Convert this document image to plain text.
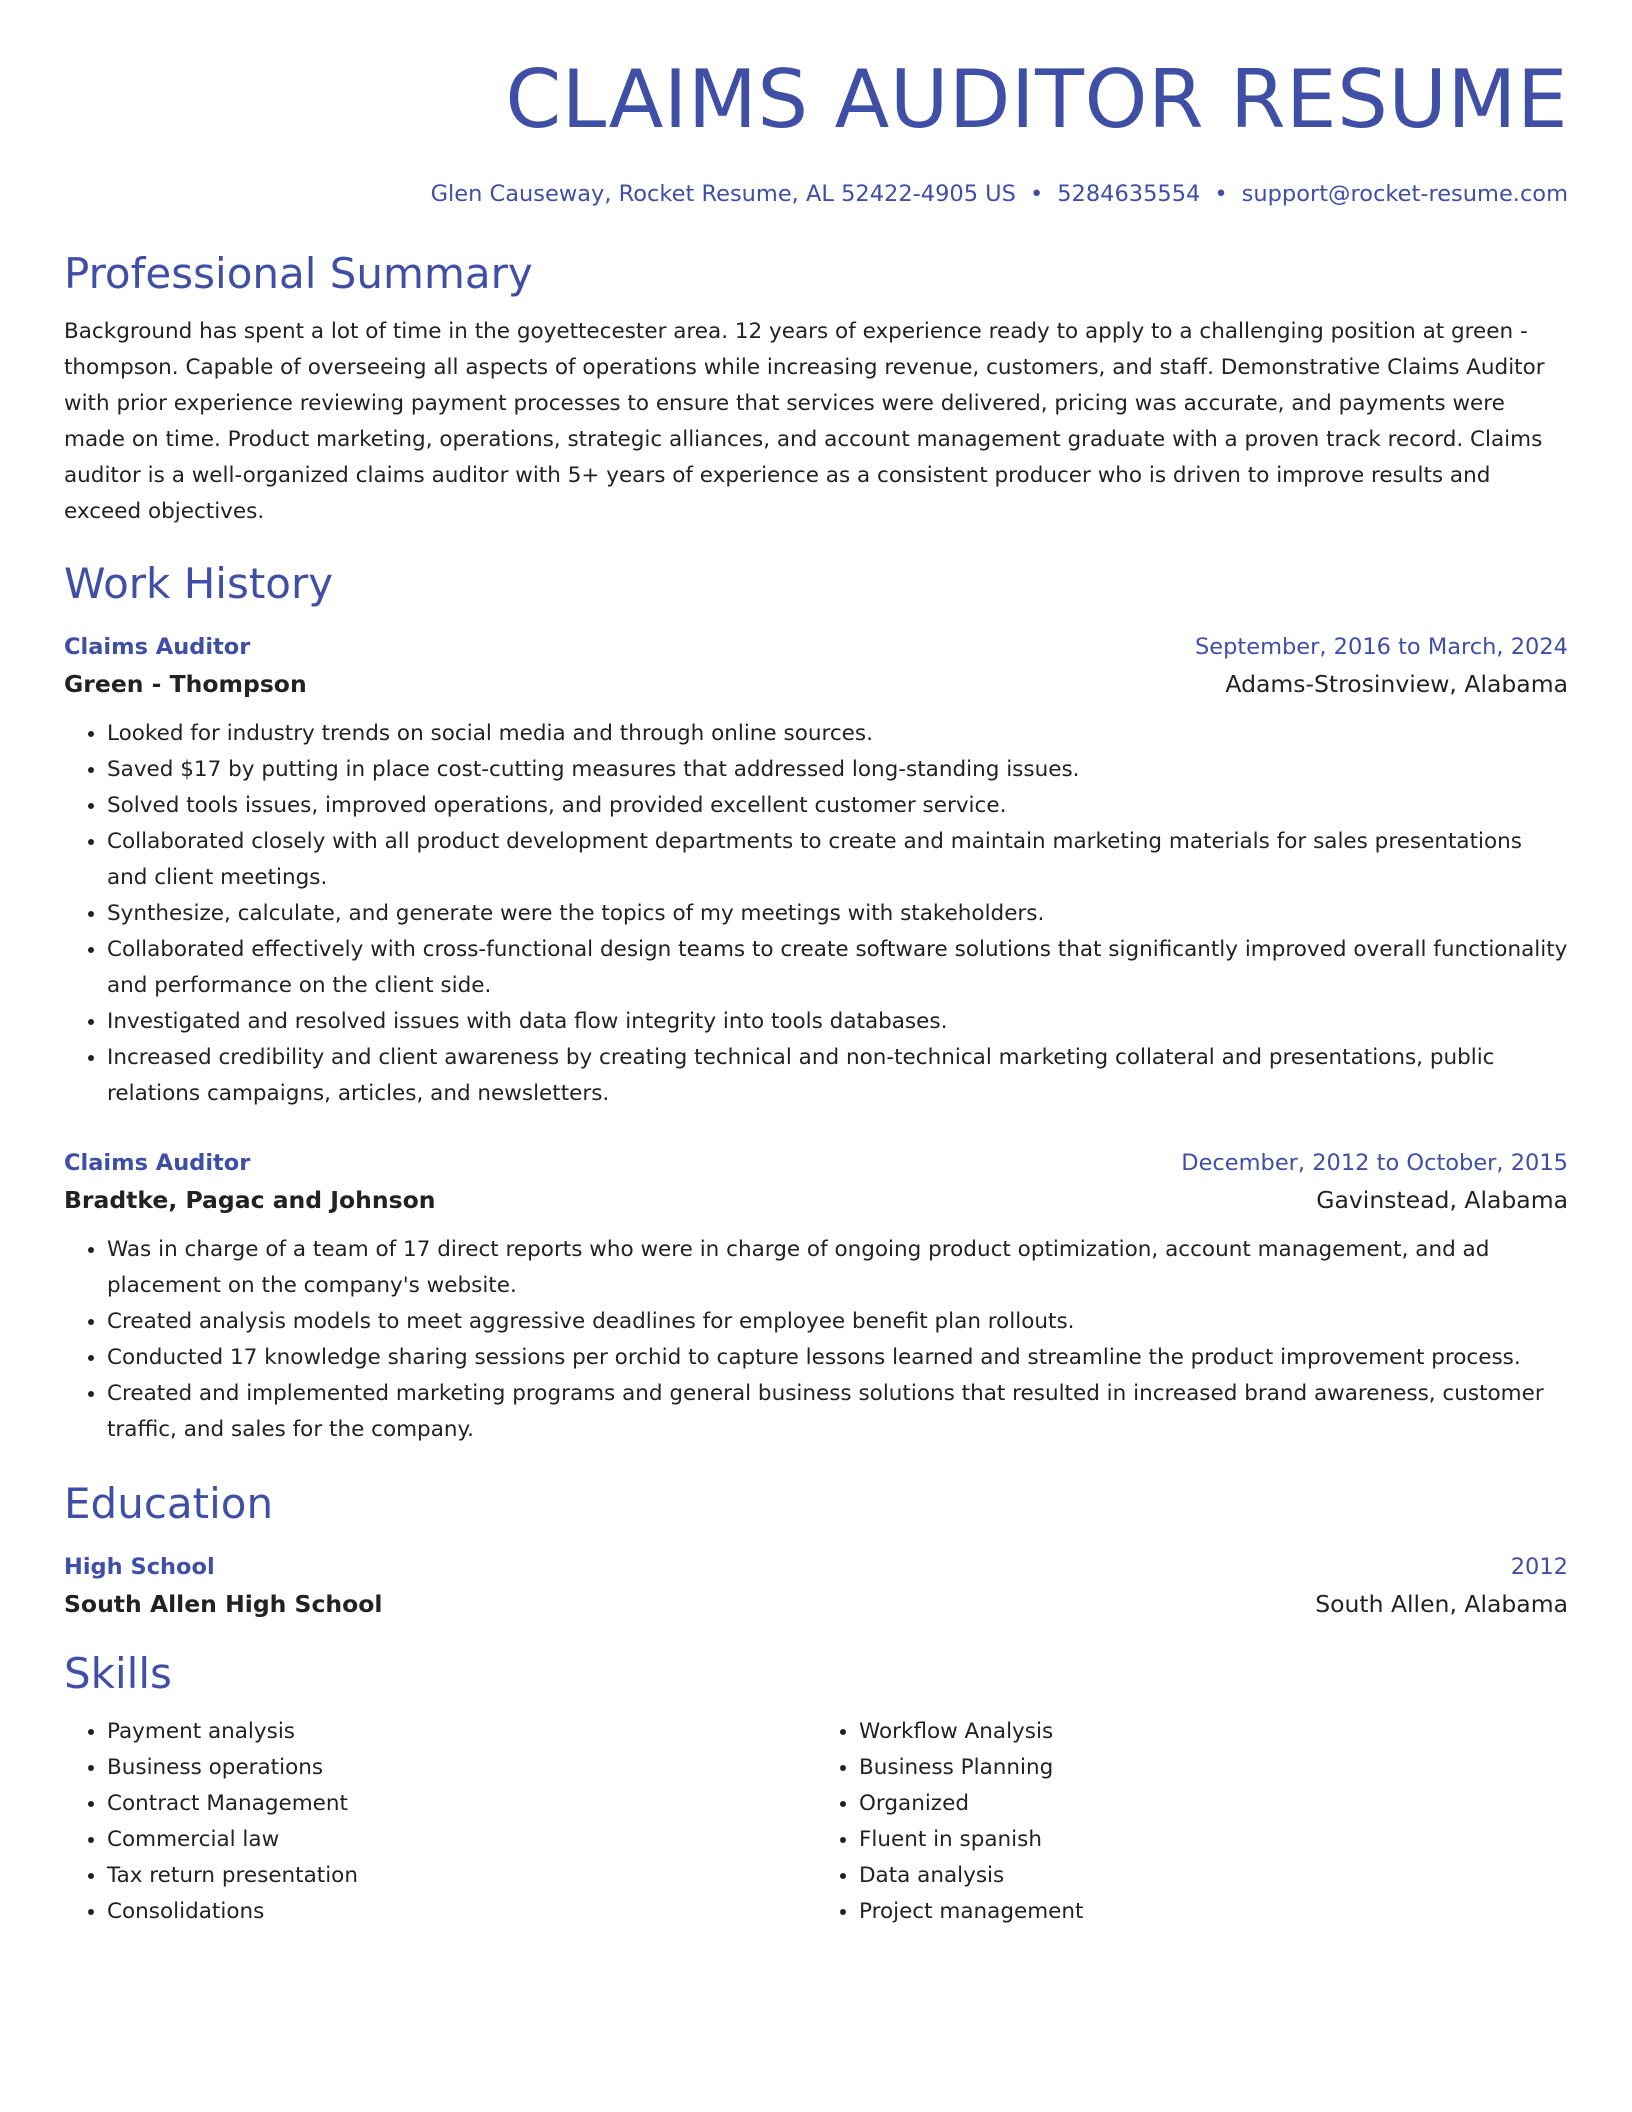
CLAIMS AUDITOR RESUME
Glen Causeway, Rocket Resume, AL 52422-4905 US • 5284635554 • support@rocket-resume.com
Professional Summary

Background has spent a lot of time in the goyettecester area. 12 years of experience ready to apply to a challenging position at green - thompson. Capable of overseeing all aspects of operations while increasing revenue, customers, and staff. Demonstrative Claims Auditor with prior experience reviewing payment processes to ensure that services were delivered, pricing was accurate, and payments were made on time. Product marketing, operations, strategic alliances, and account management graduate with a proven track record. Claims auditor is a well-organized claims auditor with 5+ years of experience as a consistent producer who is driven to improve results and exceed objectives.

Work History
Claims Auditor	September, 2016 to March, 2024
Green - Thompson	Adams-Strosinview, Alabama
• Looked for industry trends on social media and through online sources.
• Saved $17 by putting in place cost-cutting measures that addressed long-standing issues.
• Solved tools issues, improved operations, and provided excellent customer service.
• Collaborated closely with all product development departments to create and maintain marketing materials for sales presentations and client meetings.
• Synthesize, calculate, and generate were the topics of my meetings with stakeholders.
• Collaborated effectively with cross-functional design teams to create software solutions that significantly improved overall functionality and performance on the client side.
• Investigated and resolved issues with data flow integrity into tools databases.
• Increased credibility and client awareness by creating technical and non-technical marketing collateral and presentations, public relations campaigns, articles, and newsletters.
Claims Auditor	December, 2012 to October, 2015
Bradtke, Pagac and Johnson	Gavinstead, Alabama
• Was in charge of a team of 17 direct reports who were in charge of ongoing product optimization, account management, and ad placement on the company's website.
• Created analysis models to meet aggressive deadlines for employee benefit plan rollouts.
• Conducted 17 knowledge sharing sessions per orchid to capture lessons learned and streamline the product improvement process.
• Created and implemented marketing programs and general business solutions that resulted in increased brand awareness, customer traffic, and sales for the company.
Education
High School	2012
South Allen High School	South Allen, Alabama
Skills
• Payment analysis
• Business operations
• Contract Management
• Commercial law
• Tax return presentation
• Consolidations
• Workflow Analysis
• Business Planning
• Organized
• Fluent in spanish
• Data analysis
• Project management
